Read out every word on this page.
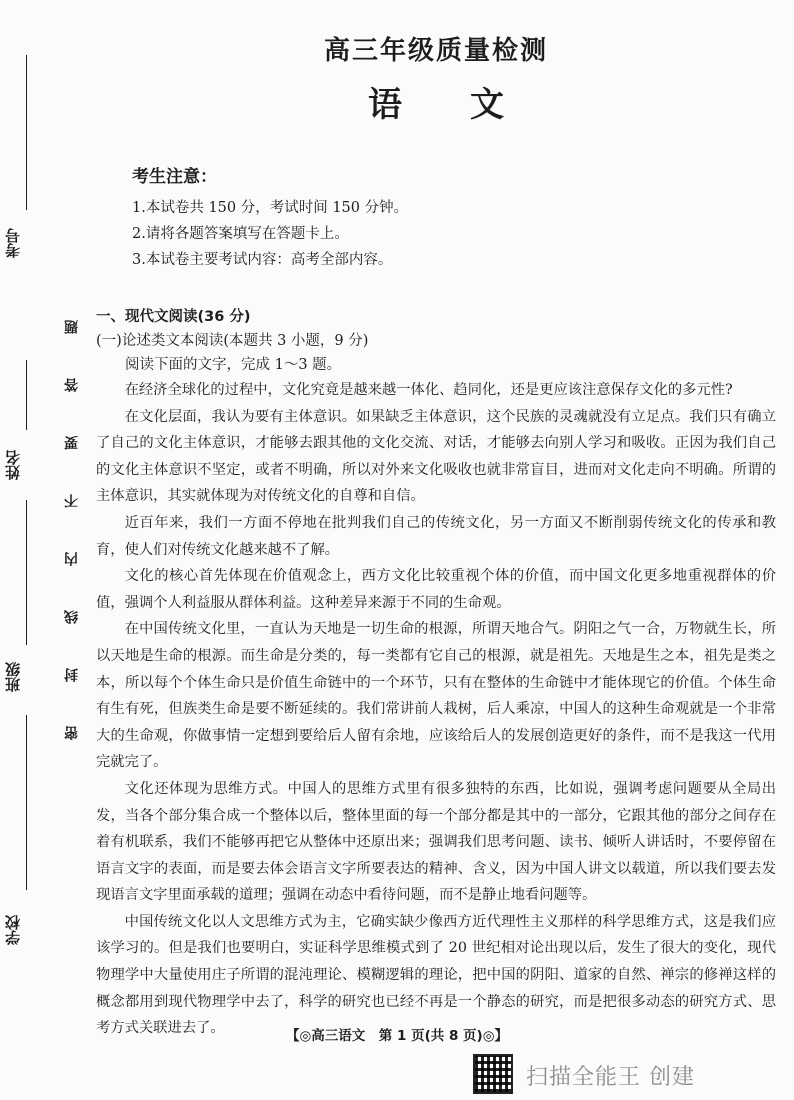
考号
姓名
班级
学校
题
答
要
不
内
线
封
密
高三年级质量检测
语文
考生注意：
1.本试卷共 150 分，考试时间 150 分钟。
2.请将各题答案填写在答题卡上。
3.本试卷主要考试内容：高考全部内容。
一、现代文阅读(36 分)
(一)论述类文本阅读(本题共 3 小题，9 分)
阅读下面的文字，完成 1～3 题。

在经济全球化的过程中，文化究竟是越来越一体化、趋同化，还是更应该注意保存文化的多元性?

在文化层面，我认为要有主体意识。如果缺乏主体意识，这个民族的灵魂就没有立足点。我们只有确立了自己的文化主体意识，才能够去跟其他的文化交流、对话，才能够去向别人学习和吸收。正因为我们自己的文化主体意识不坚定，或者不明确，所以对外来文化吸收也就非常盲目，进而对文化走向不明确。所谓的主体意识，其实就体现为对传统文化的自尊和自信。

近百年来，我们一方面不停地在批判我们自己的传统文化，另一方面又不断削弱传统文化的传承和教育，使人们对传统文化越来越不了解。

文化的核心首先体现在价值观念上，西方文化比较重视个体的价值，而中国文化更多地重视群体的价值，强调个人利益服从群体利益。这种差异来源于不同的生命观。

在中国传统文化里，一直认为天地是一切生命的根源，所谓天地合气。阴阳之气一合，万物就生长，所以天地是生命的根源。而生命是分类的，每一类都有它自己的根源，就是祖先。天地是生之本，祖先是类之本，所以每个个体生命只是价值生命链中的一个环节，只有在整体的生命链中才能体现它的价值。个体生命有生有死，但族类生命是要不断延续的。我们常讲前人栽树，后人乘凉，中国人的这种生命观就是一个非常大的生命观，你做事情一定想到要给后人留有余地，应该给后人的发展创造更好的条件，而不是我这一代用完就完了。

文化还体现为思维方式。中国人的思维方式里有很多独特的东西，比如说，强调考虑问题要从全局出发，当各个部分集合成一个整体以后，整体里面的每一个部分都是其中的一部分，它跟其他的部分之间存在着有机联系，我们不能够再把它从整体中还原出来；强调我们思考问题、读书、倾听人讲话时，不要停留在语言文字的表面，而是要去体会语言文字所要表达的精神、含义，因为中国人讲文以载道，所以我们要去发现语言文字里面承载的道理；强调在动态中看待问题，而不是静止地看问题等。

中国传统文化以人文思维方式为主，它确实缺少像西方近代理性主义那样的科学思维方式，这是我们应该学习的。但是我们也要明白，实证科学思维模式到了 20 世纪相对论出现以后，发生了很大的变化，现代物理学中大量使用庄子所谓的混沌理论、模糊逻辑的理论，把中国的阴阳、道家的自然、禅宗的修禅这样的概念都用到现代物理学中去了，科学的研究也已经不再是一个静态的研究，而是把很多动态的研究方式、思考方式关联进去了。	【◎高三语文　第 1 页(共 8 页)◎】
扫描全能王 创建
